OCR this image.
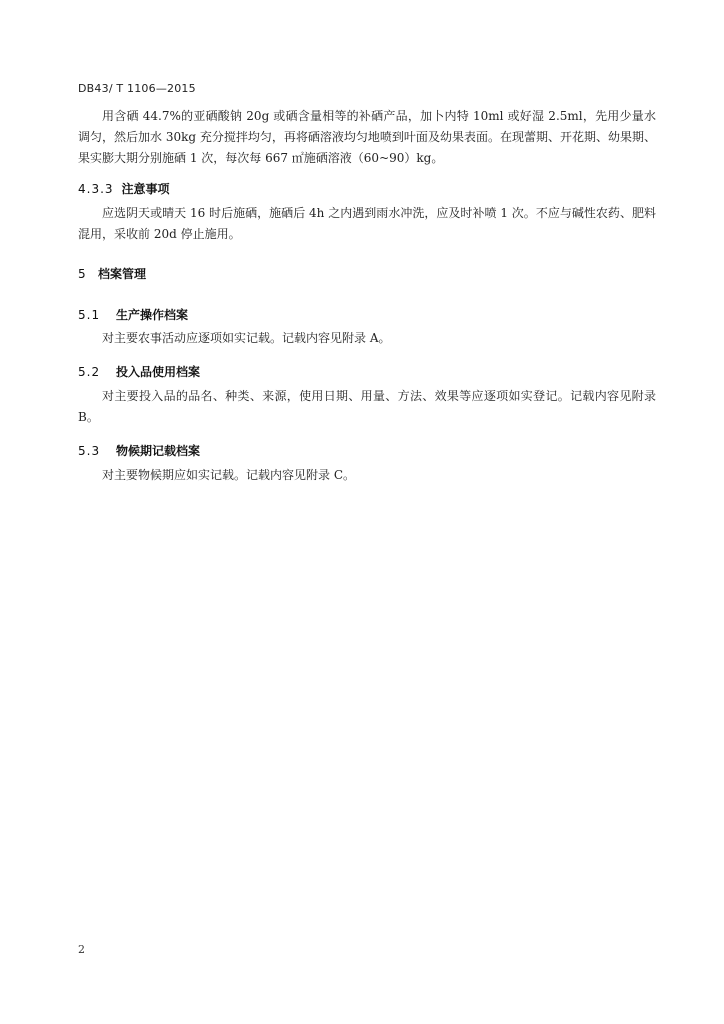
DB43/ T 1106—2015

用含硒 44.7%的亚硒酸钠 20g 或硒含量相等的补硒产品，加卜内特 10ml 或好湿 2.5ml，先用少量水调匀，然后加水 30kg 充分搅拌均匀，再将硒溶液均匀地喷到叶面及幼果表面。在现蕾期、开花期、幼果期、果实膨大期分别施硒 1 次，每次每 667 ㎡施硒溶液（60~90）kg。

4.3.3 注意事项

应选阴天或晴天 16 时后施硒，施硒后 4h 之内遇到雨水冲洗，应及时补喷 1 次。不应与碱性农药、肥料混用，采收前 20d 停止施用。

5 档案管理
5.1 生产操作档案

对主要农事活动应逐项如实记载。记载内容见附录 A。

5.2 投入品使用档案

对主要投入品的品名、种类、来源，使用日期、用量、方法、效果等应逐项如实登记。记载内容见附录 B。

5.3 物候期记载档案

对主要物候期应如实记载。记载内容见附录 C。

2
